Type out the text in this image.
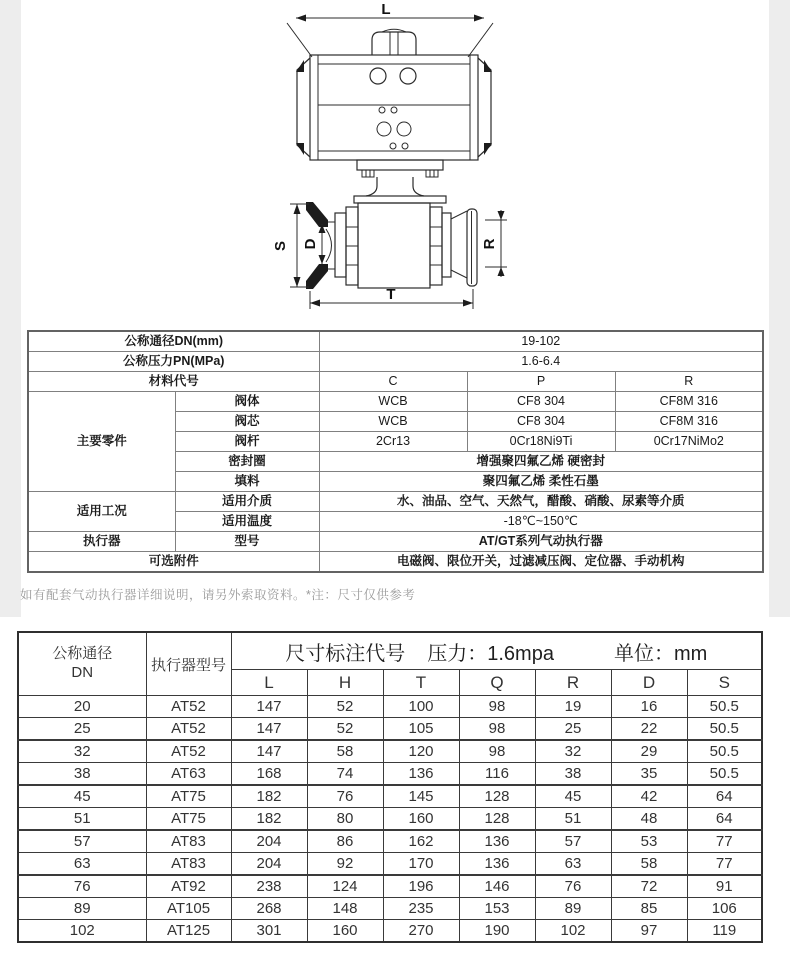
L
S D	R
T
公称通径DN(mm)		19-102		
公称压力PN(MPa)		1.6-6.4		
材料代号		C	P	R
主要零件	阀体	WCB	CF8 304	CF8M 316
	阀芯	WCB	CF8 304	CF8M 316
	阀杆	2Cr13	0Cr18Ni9Ti	0Cr17NiMo2
	密封圈	增强聚四氟乙烯 硬密封		
	填料	聚四氟乙烯 柔性石墨		
适用工况	适用介质	水、油品、空气、天然气，醋酸、硝酸、尿素等介质		
	适用温度	-18℃~150℃		
执行器	型号	AT/GT系列气动执行器		
可选附件		电磁阀、限位开关，过滤减压阀、定位器、手动机构		
如有配套气动执行器详细说明，请另外索取资料。*注：尺寸仅供参考
公称通径
DN	执行器型号	
尺寸标注代号 压力：1.6mpa	单位：mm

		L	H	T	Q	R	D	S
20	AT52	147	52	100	98	19	16	50.5
25	AT52	147	52	105	98	25	22	50.5
32	AT52	147	58	120	98	32	29	50.5
38	AT63	168	74	136	116	38	35	50.5
45	AT75	182	76	145	128	45	42	64
51	AT75	182	80	160	128	51	48	64
57	AT83	204	86	162	136	57	53	77
63	AT83	204	92	170	136	63	58	77
76	AT92	238	124	196	146	76	72	91
89	AT105	268	148	235	153	89	85	106
102	AT125	301	160	270	190	102	97	119
